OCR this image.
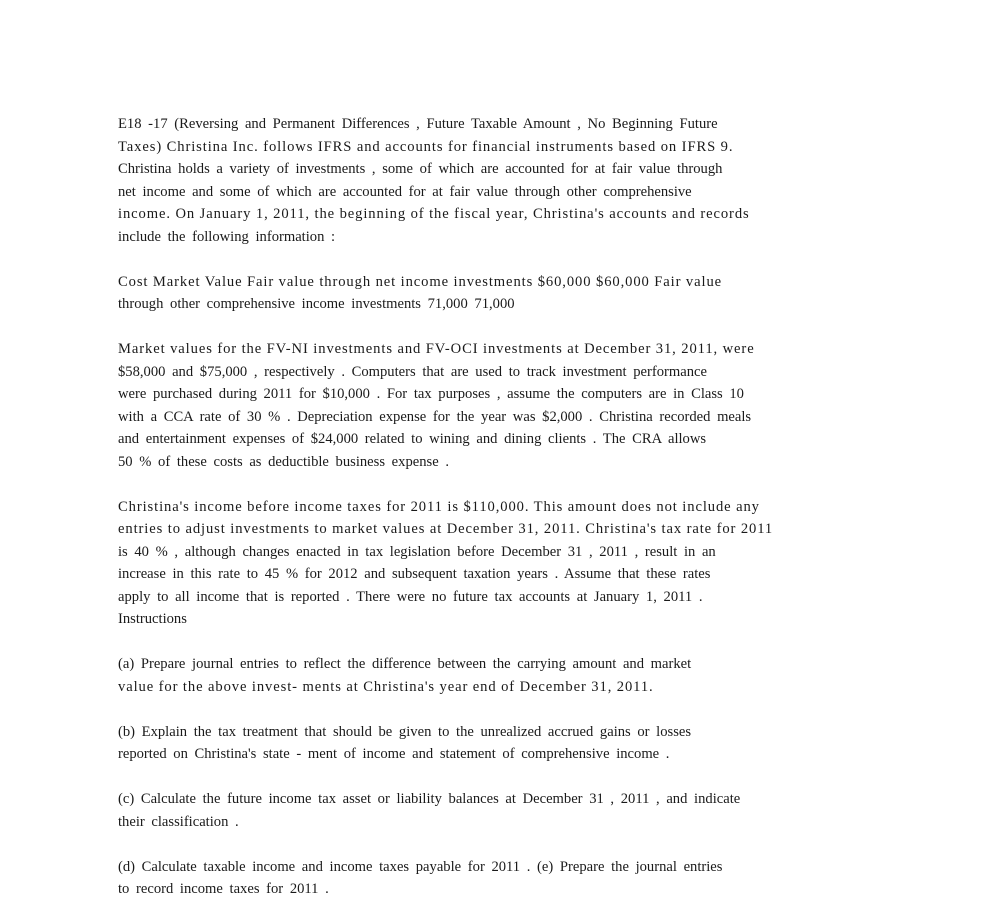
E18 -17 (Reversing and Permanent Differences , Future Taxable Amount , No Beginning Future
Taxes) Christina Inc. follows IFRS and accounts for financial instruments based on IFRS 9.
Christina holds a variety of investments , some of which are accounted for at fair value through
net income and some of which are accounted for at fair value through other comprehensive
income. On January 1, 2011, the beginning of the fiscal year, Christina's accounts and records
include the following information :

Cost Market Value Fair value through net income investments $60,000 $60,000 Fair value
through other comprehensive income investments 71,000 71,000

Market values for the FV-NI investments and FV-OCI investments at December 31, 2011, were
$58,000 and $75,000 , respectively . Computers that are used to track investment performance
were purchased during 2011 for $10,000 . For tax purposes , assume the computers are in Class 10
with a CCA rate of 30 % . Depreciation expense for the year was $2,000 . Christina recorded meals
and entertainment expenses of $24,000 related to wining and dining clients . The CRA allows
50 % of these costs as deductible business expense .

Christina's income before income taxes for 2011 is $110,000. This amount does not include any
entries to adjust investments to market values at December 31, 2011. Christina's tax rate for 2011
is 40 % , although changes enacted in tax legislation before December 31 , 2011 , result in an
increase in this rate to 45 % for 2012 and subsequent taxation years . Assume that these rates
apply to all income that is reported . There were no future tax accounts at January 1, 2011 .
Instructions

(a) Prepare journal entries to reflect the difference between the carrying amount and market
value for the above invest- ments at Christina's year end of December 31, 2011.

(b) Explain the tax treatment that should be given to the unrealized accrued gains or losses
reported on Christina's state - ment of income and statement of comprehensive income .

(c) Calculate the future income tax asset or liability balances at December 31 , 2011 , and indicate
their classification .

(d) Calculate taxable income and income taxes payable for 2011 . (e) Prepare the journal entries
to record income taxes for 2011 .
